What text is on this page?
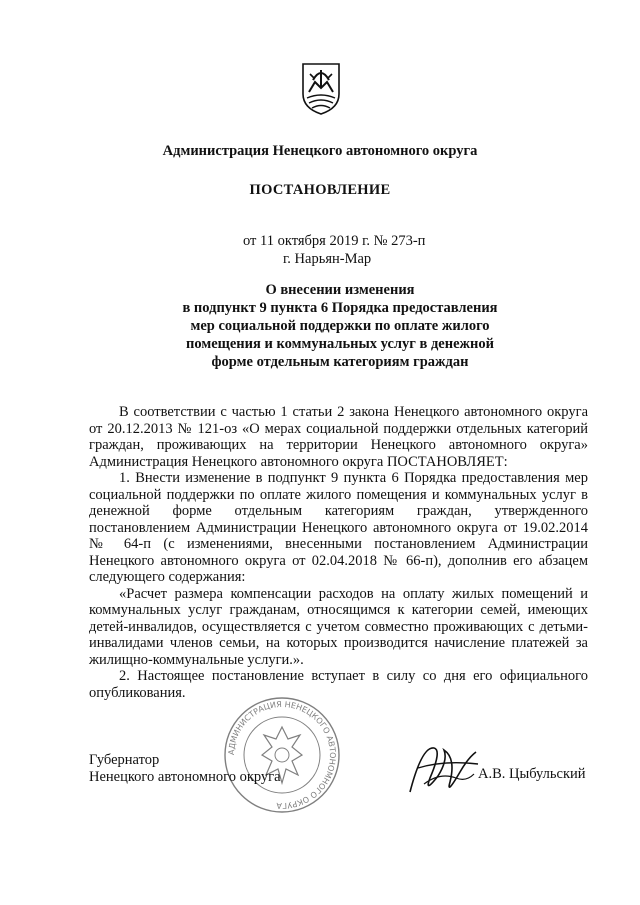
Администрация Ненецкого автономного округа
ПОСТАНОВЛЕНИЕ
от 11 октября 2019 г. № 273-п
г. Нарьян-Мар
О внесении изменения
в подпункт 9 пункта 6 Порядка предоставления
мер социальной поддержки по оплате жилого
помещения и коммунальных услуг в денежной
форме отдельным категориям граждан

В соответствии с частью 1 статьи 2 закона Ненецкого автономного округа от 20.12.2013 № 121-оз «О мерах социальной поддержки отдельных категорий граждан, проживающих на территории Ненецкого автономного округа» Администрация Ненецкого автономного округа ПОСТАНОВЛЯЕТ:

1. Внести изменение в подпункт 9 пункта 6 Порядка предоставления мер социальной поддержки по оплате жилого помещения и коммунальных услуг в денежной форме отдельным категориям граждан, утвержденного постановлением Администрации Ненецкого автономного округа от 19.02.2014 № 64-п (с изменениями, внесенными постановлением Администрации Ненецкого автономного округа от 02.04.2018 № 66-п), дополнив его абзацем следующего содержания:

«Расчет размера компенсации расходов на оплату жилых помещений и коммунальных услуг гражданам, относящимся к категории семей, имеющих детей-инвалидов, осуществляется с учетом совместно проживающих с детьми-инвалидами членов семьи, на которых производится начисление платежей за жилищно-коммунальные услуги.».

2. Настоящее постановление вступает в силу со дня его официального опубликования.

АДМИНИСТРАЦИЯ НЕНЕЦКОГО АВТОНОМНОГО ОКРУГА
Губернатор
Ненецкого автономного округа	А.В. Цыбульский
